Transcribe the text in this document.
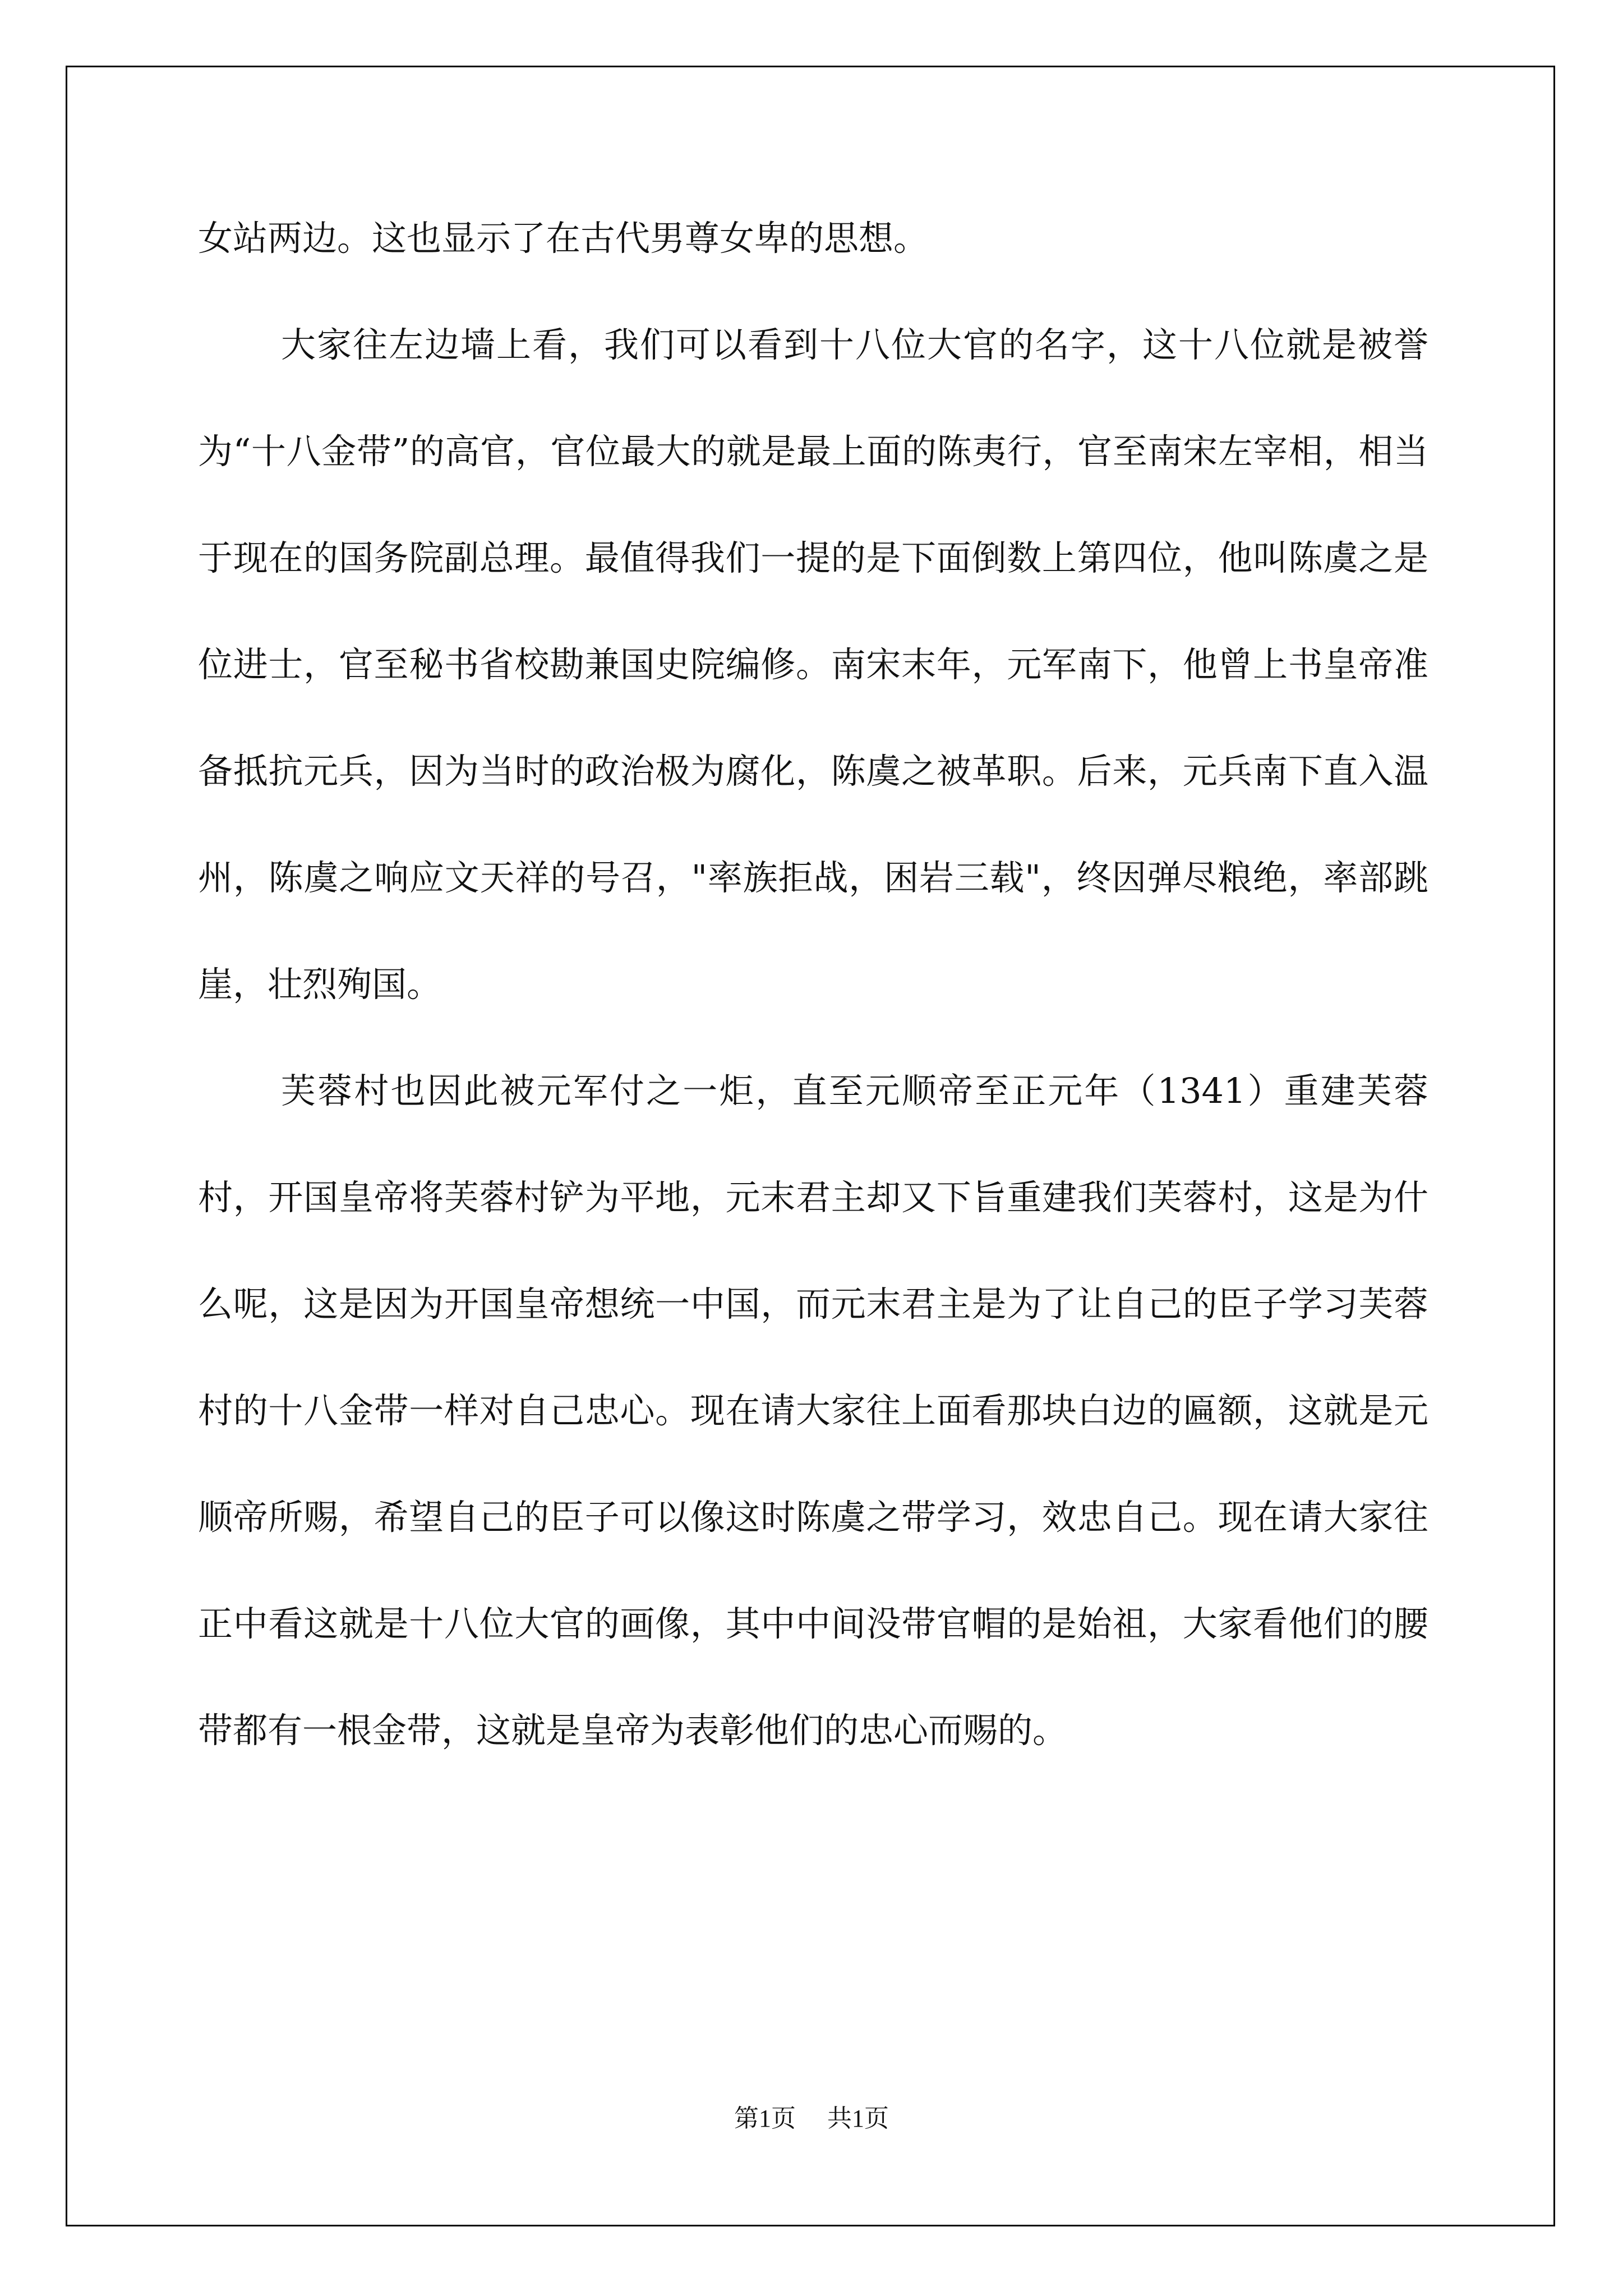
女站两边。这也显示了在古代男尊女卑的思想。

大家往左边墙上看，我们可以看到十八位大官的名字，这十八位就是被誉为“十八金带”的高官，官位最大的就是最上面的陈夷行，官至南宋左宰相，相当于现在的国务院副总理。最值得我们一提的是下面倒数上第四位，他叫陈虞之是位进士，官至秘书省校勘兼国史院编修。南宋末年，元军南下，他曾上书皇帝准备抵抗元兵，因为当时的政治极为腐化，陈虞之被革职。后来，元兵南下直入温州，陈虞之响应文天祥的号召，"率族拒战，困岩三载"，终因弹尽粮绝，率部跳崖，壮烈殉国。

芙蓉村也因此被元军付之一炬，直至元顺帝至正元年（1341）重建芙蓉村，开国皇帝将芙蓉村铲为平地，元末君主却又下旨重建我们芙蓉村，这是为什么呢，这是因为开国皇帝想统一中国，而元末君主是为了让自己的臣子学习芙蓉村的十八金带一样对自己忠心。现在请大家往上面看那块白边的匾额，这就是元顺帝所赐，希望自己的臣子可以像这时陈虞之带学习，效忠自己。现在请大家往正中看这就是十八位大官的画像，其中中间没带官帽的是始祖，大家看他们的腰带都有一根金带，这就是皇帝为表彰他们的忠心而赐的。

第1页 共1页
